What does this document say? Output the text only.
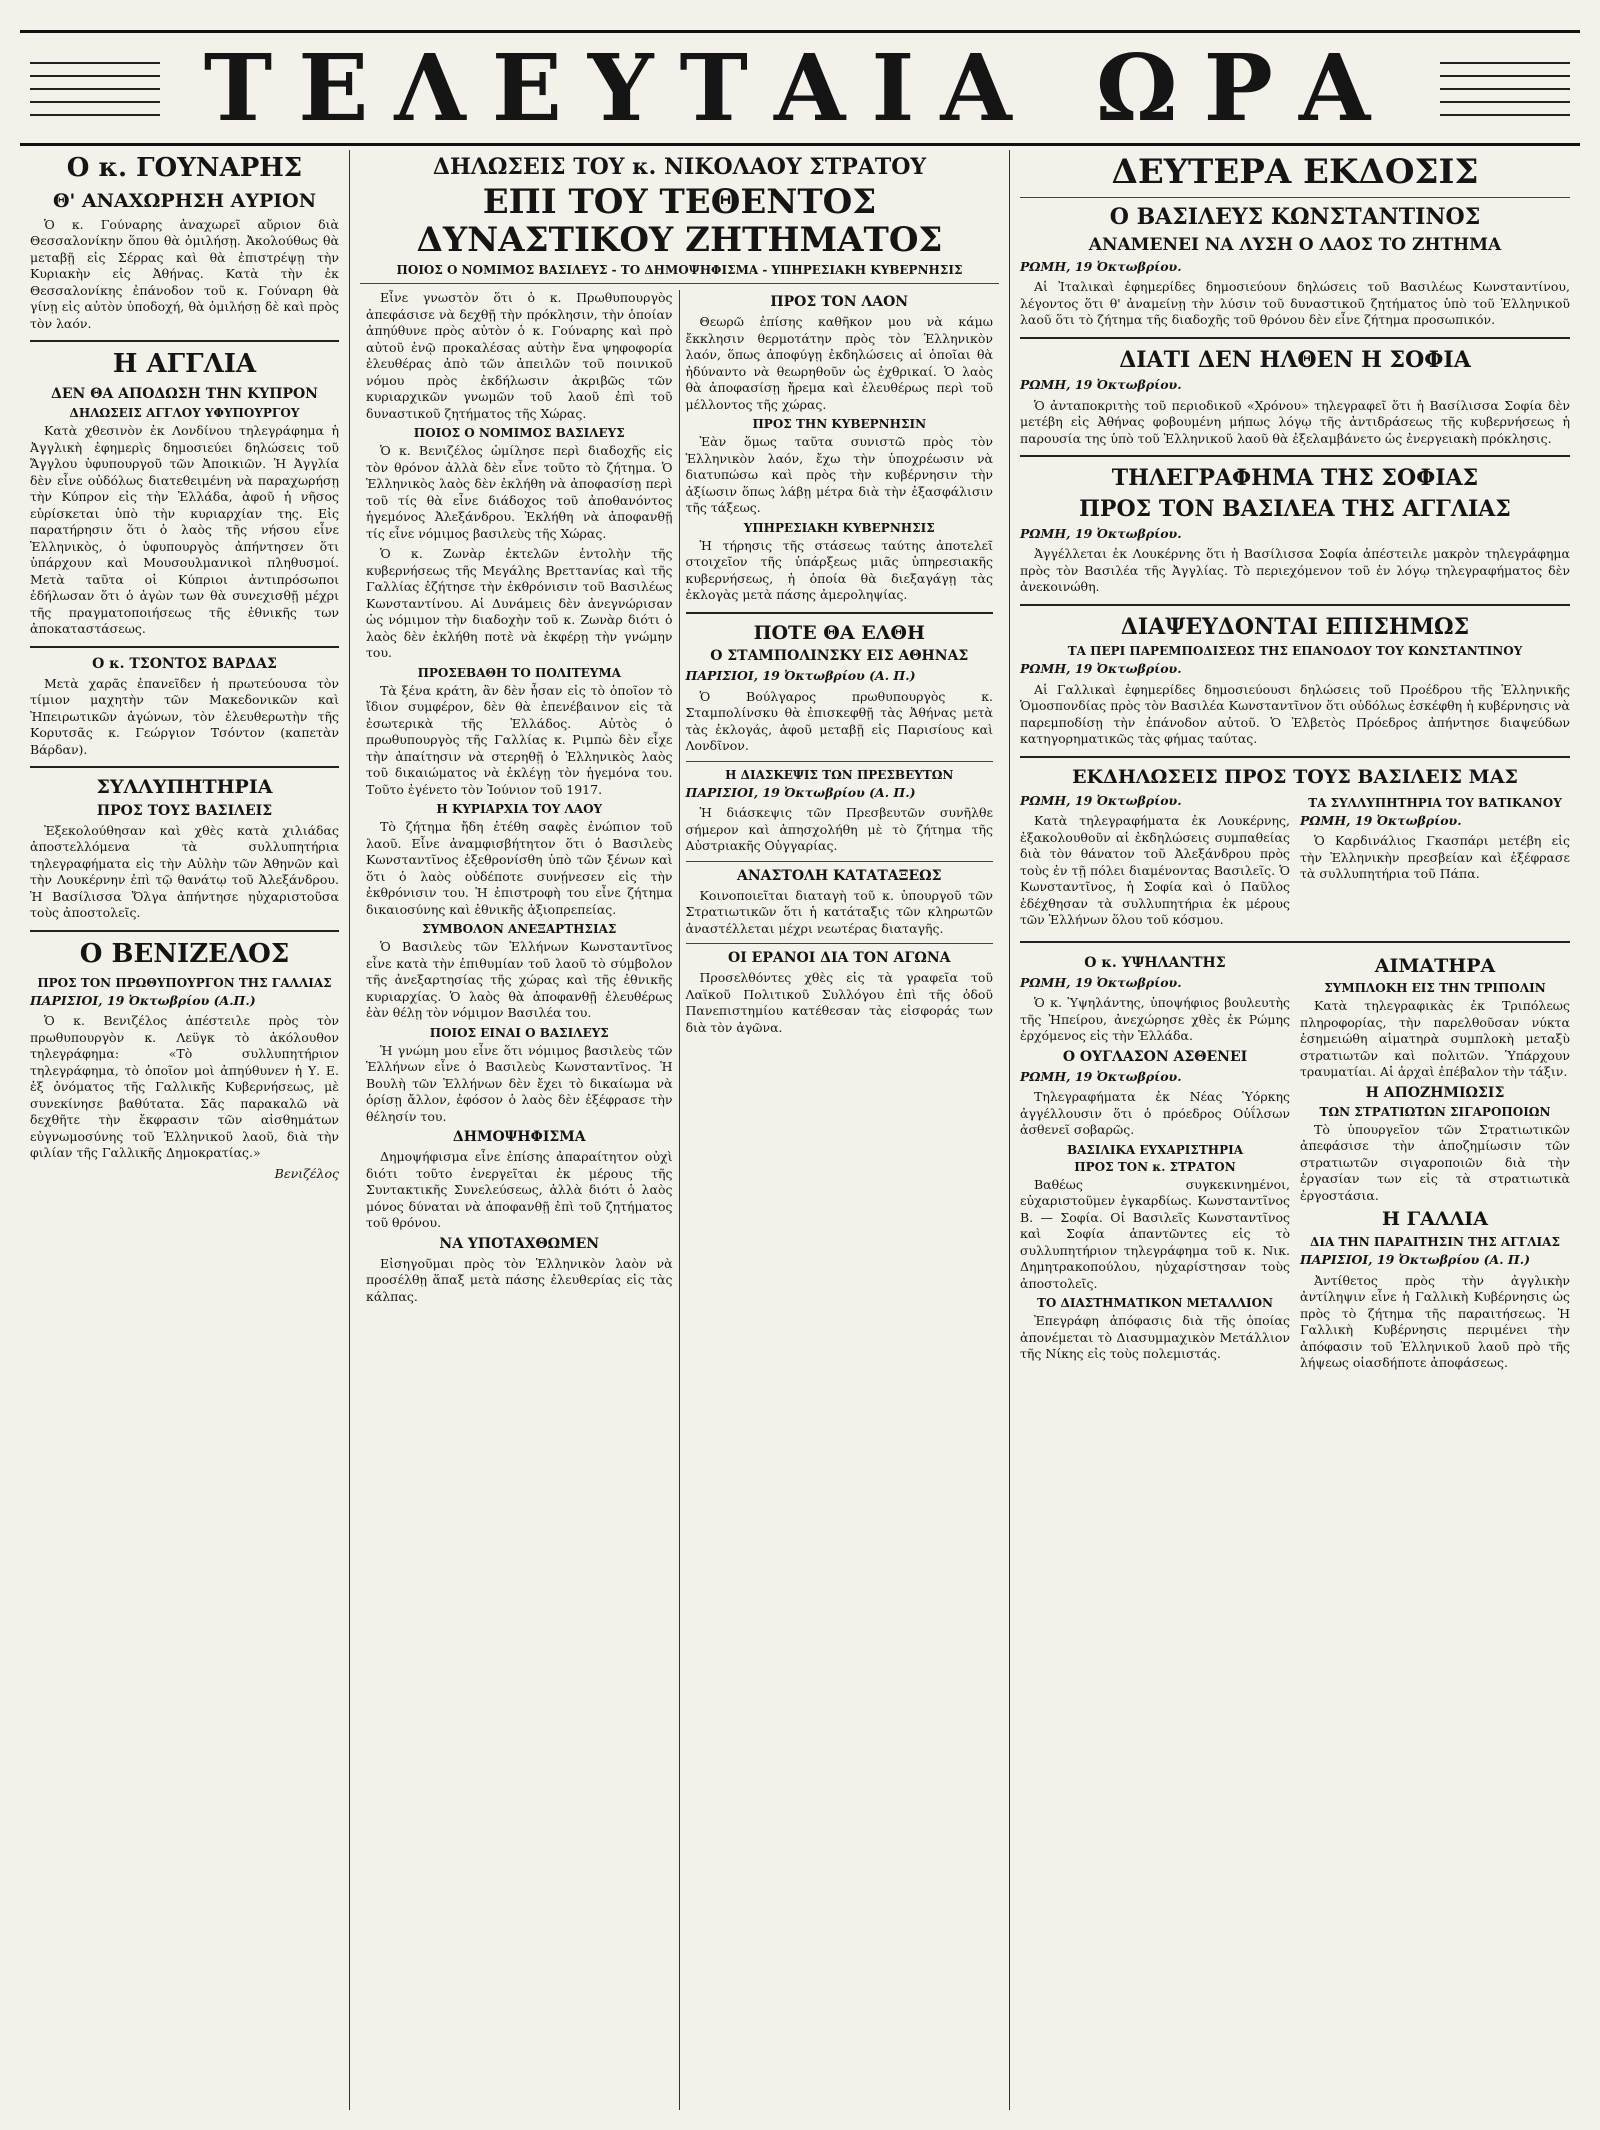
ΤΕΛΕΥΤΑΙΑ ΩΡΑ
Ο κ. ΓΟΥΝΑΡΗΣ
Θ' ΑΝΑΧΩΡΗΣΗ ΑΥΡΙΟΝ

Ὁ κ. Γούναρης ἀναχωρεῖ αὔριον διὰ Θεσσαλονίκην ὅπου θὰ ὁμιλήσῃ. Ἀκολούθως θὰ μεταβῇ εἰς Σέρρας καὶ θὰ ἐπιστρέψῃ τὴν Κυριακὴν εἰς Ἀθήνας. Κατὰ τὴν ἐκ Θεσσαλονίκης ἐπάνοδον τοῦ κ. Γούναρη θὰ γίνῃ εἰς αὐτὸν ὑποδοχή, θὰ ὁμιλήσῃ δὲ καὶ πρὸς τὸν λαόν.

Η ΑΓΓΛΙΑ
ΔΕΝ ΘΑ ΑΠΟΔΩΣΗ ΤΗΝ ΚΥΠΡΟΝ
ΔΗΛΩΣΕΙΣ ΑΓΓΛΟΥ ΥΦΥΠΟΥΡΓΟΥ

Κατὰ χθεσινὸν ἐκ Λονδίνου τηλεγράφημα ἡ Ἀγγλικὴ ἐφημερὶς δημοσιεύει δηλώσεις τοῦ Ἄγγλου ὑφυπουργοῦ τῶν Ἀποικιῶν. Ἡ Ἀγγλία δὲν εἶνε οὐδόλως διατεθειμένη νὰ παραχωρήσῃ τὴν Κύπρον εἰς τὴν Ἑλλάδα, ἀφοῦ ἡ νῆσος εὑρίσκεται ὑπὸ τὴν κυριαρχίαν της. Εἰς παρατήρησιν ὅτι ὁ λαὸς τῆς νήσου εἶνε Ἑλληνικὸς, ὁ ὑφυπουργὸς ἀπήντησεν ὅτι ὑπάρχουν καὶ Μουσουλμανικοὶ πληθυσμοί. Μετὰ ταῦτα οἱ Κύπριοι ἀντιπρόσωποι ἐδήλωσαν ὅτι ὁ ἀγὼν των θὰ συνεχισθῇ μέχρι τῆς πραγματοποιήσεως τῆς ἐθνικῆς των ἀποκαταστάσεως.

Ο κ. ΤΣΟΝΤΟΣ ΒΑΡΔΑΣ

Μετὰ χαρᾶς ἐπανεῖδεν ἡ πρωτεύουσα τὸν τίμιον μαχητὴν τῶν Μακεδονικῶν καὶ Ἠπειρωτικῶν ἀγώνων, τὸν ἐλευθερωτὴν τῆς Κορυτσᾶς κ. Γεώργιον Τσόντον (καπετὰν Βάρδαν).

ΣΥΛΛΥΠΗΤΗΡΙΑ
ΠΡΟΣ ΤΟΥΣ ΒΑΣΙΛΕΙΣ

Ἐξεκολούθησαν καὶ χθὲς κατὰ χιλιάδας ἀποστελλόμενα τὰ συλλυπητήρια τηλεγραφήματα εἰς τὴν Αὐλὴν τῶν Ἀθηνῶν καὶ τὴν Λουκέρνην ἐπὶ τῷ θανάτῳ τοῦ Ἀλεξάνδρου. Ἡ Βασίλισσα Ὄλγα ἀπήντησε ηὐχαριστοῦσα τοὺς ἀποστολεῖς.

Ο ΒΕΝΙΖΕΛΟΣ
ΠΡΟΣ ΤΟΝ ΠΡΩΘΥΠΟΥΡΓΟΝ ΤΗΣ ΓΑΛΛΙΑΣ

ΠΑΡΙΣΙΟΙ, 19 Ὀκτωβρίου (Α.Π.)

Ὁ κ. Βενιζέλος ἀπέστειλε πρὸς τὸν πρωθυπουργὸν κ. Λεϋγκ τὸ ἀκόλουθον τηλεγράφημα: «Τὸ συλλυπητήριον τηλεγράφημα, τὸ ὁποῖον μοὶ ἀπηύθυνεν ἡ Υ. Ε. ἐξ ὀνόματος τῆς Γαλλικῆς Κυβερνήσεως, μὲ συνεκίνησε βαθύτατα. Σᾶς παρακαλῶ νὰ δεχθῆτε τὴν ἔκφρασιν τῶν αἰσθημάτων εὐγνωμοσύνης τοῦ Ἑλληνικοῦ λαοῦ, διὰ τὴν φιλίαν τῆς Γαλλικῆς Δημοκρατίας.»

Βενιζέλος

ΔΗΛΩΣΕΙΣ ΤΟΥ κ. ΝΙΚΟΛΑΟΥ ΣΤΡΑΤΟΥ
ΕΠΙ ΤΟΥ ΤΕΘΕΝΤΟΣ ΔΥΝΑΣΤΙΚΟΥ ΖΗΤΗΜΑΤΟΣ
ΠΟΙΟΣ Ο ΝΟΜΙΜΟΣ ΒΑΣΙΛΕΥΣ - ΤΟ ΔΗΜΟΨΗΦΙΣΜΑ - ΥΠΗΡΕΣΙΑΚΗ ΚΥΒΕΡΝΗΣΙΣ

Εἶνε γνωστὸν ὅτι ὁ κ. Πρωθυπουργὸς ἀπεφάσισε νὰ δεχθῇ τὴν πρόκλησιν, τὴν ὁποίαν ἀπηύθυνε πρὸς αὐτὸν ὁ κ. Γούναρης καὶ πρὸ αὐτοῦ ἐνῷ προκαλέσας αὐτὴν ἔνα ψηφοφορία ἐλευθέρας ἀπὸ τῶν ἀπειλῶν τοῦ ποινικοῦ νόμου πρὸς ἐκδήλωσιν ἀκριβῶς τῶν κυριαρχικῶν γνωμῶν τοῦ λαοῦ ἐπὶ τοῦ δυναστικοῦ ζητήματος τῆς Χώρας.

ΠΟΙΟΣ Ο ΝΟΜΙΜΟΣ ΒΑΣΙΛΕΥΣ

Ὁ κ. Βενιζέλος ὡμίλησε περὶ διαδοχῆς εἰς τὸν θρόνον ἀλλὰ δὲν εἶνε τοῦτο τὸ ζήτημα. Ὁ Ἑλληνικὸς λαὸς δὲν ἐκλήθη νὰ ἀποφασίσῃ περὶ τοῦ τίς θὰ εἶνε διάδοχος τοῦ ἀποθανόντος ἡγεμόνος Ἀλεξάνδρου. Ἐκλήθη νὰ ἀποφανθῇ τίς εἶνε νόμιμος βασιλεὺς τῆς Χώρας.

Ὁ κ. Ζωνὰρ ἐκτελῶν ἐντολὴν τῆς κυβερνήσεως τῆς Μεγάλης Βρεττανίας καὶ τῆς Γαλλίας ἐζήτησε τὴν ἐκθρόνισιν τοῦ Βασιλέως Κωνσταντίνου. Αἱ Δυνάμεις δὲν ἀνεγνώρισαν ὡς νόμιμον τὴν διαδοχὴν τοῦ κ. Ζωνὰρ διότι ὁ λαὸς δὲν ἐκλήθη ποτὲ νὰ ἐκφέρῃ τὴν γνώμην του.

ΠΡΟΣΕΒΑΘΗ ΤΟ ΠΟΛΙΤΕΥΜΑ

Τὰ ξένα κράτη, ἂν δὲν ἦσαν εἰς τὸ ὁποῖον τὸ ἴδιον συμφέρον, δὲν θὰ ἐπενέβαινον εἰς τὰ ἐσωτερικὰ τῆς Ἑλλάδος. Αὐτὸς ὁ πρωθυπουργὸς τῆς Γαλλίας κ. Ριμπὼ δὲν εἶχε τὴν ἀπαίτησιν νὰ στερηθῇ ὁ Ἑλληνικὸς λαὸς τοῦ δικαιώματος νὰ ἐκλέγῃ τὸν ἡγεμόνα του. Τοῦτο ἐγένετο τὸν Ἰούνιον τοῦ 1917.

Η ΚΥΡΙΑΡΧΙΑ ΤΟΥ ΛΑΟΥ

Τὸ ζήτημα ἤδη ἐτέθη σαφὲς ἐνώπιον τοῦ λαοῦ. Εἶνε ἀναμφισβήτητον ὅτι ὁ Βασιλεὺς Κωνσταντῖνος ἐξεθρονίσθη ὑπὸ τῶν ξένων καὶ ὅτι ὁ λαὸς οὐδέποτε συνῄνεσεν εἰς τὴν ἐκθρόνισιν του. Ἡ ἐπιστροφὴ του εἶνε ζήτημα δικαιοσύνης καὶ ἐθνικῆς ἀξιοπρεπείας.

ΣΥΜΒΟΛΟΝ ΑΝΕΞΑΡΤΗΣΙΑΣ

Ὁ Βασιλεὺς τῶν Ἑλλήνων Κωνσταντῖνος εἶνε κατὰ τὴν ἐπιθυμίαν τοῦ λαοῦ τὸ σύμβολον τῆς ἀνεξαρτησίας τῆς χώρας καὶ τῆς ἐθνικῆς κυριαρχίας. Ὁ λαὸς θὰ ἀποφανθῇ ἐλευθέρως ἐὰν θέλῃ τὸν νόμιμον Βασιλέα του.

ΠΟΙΟΣ ΕΙΝΑΙ Ο ΒΑΣΙΛΕΥΣ

Ἡ γνώμη μου εἶνε ὅτι νόμιμος βασιλεὺς τῶν Ἑλλήνων εἶνε ὁ Βασιλεὺς Κωνσταντῖνος. Ἡ Βουλὴ τῶν Ἑλλήνων δὲν ἔχει τὸ δικαίωμα νὰ ὁρίσῃ ἄλλον, ἐφόσον ὁ λαὸς δὲν ἐξέφρασε τὴν θέλησίν του.

ΔΗΜΟΨΗΦΙΣΜΑ

Δημοψήφισμα εἶνε ἐπίσης ἀπαραίτητον οὐχὶ διότι τοῦτο ἐνεργεῖται ἐκ μέρους τῆς Συντακτικῆς Συνελεύσεως, ἀλλὰ διότι ὁ λαὸς μόνος δύναται νὰ ἀποφανθῇ ἐπὶ τοῦ ζητήματος τοῦ θρόνου.

ΝΑ ΥΠΟΤΑΧΘΩΜΕΝ

Εἰσηγοῦμαι πρὸς τὸν Ἑλληνικὸν λαὸν νὰ προσέλθῃ ἅπαξ μετὰ πάσης ἐλευθερίας εἰς τὰς κάλπας.

ΠΡΟΣ ΤΟΝ ΛΑΟΝ

Θεωρῶ ἐπίσης καθῆκον μου νὰ κάμω ἔκκλησιν θερμοτάτην πρὸς τὸν Ἑλληνικὸν λαόν, ὅπως ἀποφύγῃ ἐκδηλώσεις αἱ ὁποῖαι θὰ ἠδύναντο νὰ θεωρηθοῦν ὡς ἐχθρικαί. Ὁ λαὸς θὰ ἀποφασίσῃ ἤρεμα καὶ ἐλευθέρως περὶ τοῦ μέλλοντος τῆς χώρας.

ΠΡΟΣ ΤΗΝ ΚΥΒΕΡΝΗΣΙΝ

Ἐὰν ὅμως ταῦτα συνιστῶ πρὸς τὸν Ἑλληνικὸν λαόν, ἔχω τὴν ὑποχρέωσιν νὰ διατυπώσω καὶ πρὸς τὴν κυβέρνησιν τὴν ἀξίωσιν ὅπως λάβῃ μέτρα διὰ τὴν ἐξασφάλισιν τῆς τάξεως.

ΥΠΗΡΕΣΙΑΚΗ ΚΥΒΕΡΝΗΣΙΣ

Ἡ τήρησις τῆς στάσεως ταύτης ἀποτελεῖ στοιχεῖον τῆς ὑπάρξεως μιᾶς ὑπηρεσιακῆς κυβερνήσεως, ἡ ὁποία θὰ διεξαγάγῃ τὰς ἐκλογὰς μετὰ πάσης ἀμεροληψίας.

ΠΟΤΕ ΘΑ ΕΛΘΗ
Ο ΣΤΑΜΠΟΛΙΝΣΚΥ ΕΙΣ ΑΘΗΝΑΣ

ΠΑΡΙΣΙΟΙ, 19 Ὀκτωβρίου (Α. Π.)

Ὁ Βούλγαρος πρωθυπουργὸς κ. Σταμπολίνσκυ θὰ ἐπισκεφθῇ τὰς Ἀθήνας μετὰ τὰς ἐκλογάς, ἀφοῦ μεταβῇ εἰς Παρισίους καὶ Λονδῖνον.

Η ΔΙΑΣΚΕΨΙΣ ΤΩΝ ΠΡΕΣΒΕΥΤΩΝ

ΠΑΡΙΣΙΟΙ, 19 Ὀκτωβρίου (Α. Π.)

Ἡ διάσκεψις τῶν Πρεσβευτῶν συνῆλθε σήμερον καὶ ἀπησχολήθη μὲ τὸ ζήτημα τῆς Αὐστριακῆς Οὑγγαρίας.

ΑΝΑΣΤΟΛΗ ΚΑΤΑΤΑΞΕΩΣ

Κοινοποιεῖται διαταγὴ τοῦ κ. ὑπουργοῦ τῶν Στρατιωτικῶν ὅτι ἡ κατάταξις τῶν κληρωτῶν ἀναστέλλεται μέχρι νεωτέρας διαταγῆς.

ΟΙ ΕΡΑΝΟΙ ΔΙΑ ΤΟΝ ΑΓΩΝΑ

Προσελθόντες χθὲς εἰς τὰ γραφεῖα τοῦ Λαϊκοῦ Πολιτικοῦ Συλλόγου ἐπὶ τῆς ὁδοῦ Πανεπιστημίου κατέθεσαν τὰς εἰσφοράς των διὰ τὸν ἀγῶνα.

ΔΕΥΤΕΡΑ ΕΚΔΟΣΙΣ
Ο ΒΑΣΙΛΕΥΣ ΚΩΝΣΤΑΝΤΙΝΟΣ
ΑΝΑΜΕΝΕΙ ΝΑ ΛΥΣΗ Ο ΛΑΟΣ ΤΟ ΖΗΤΗΜΑ

ΡΩΜΗ, 19 Ὀκτωβρίου.

Αἱ Ἰταλικαὶ ἐφημερίδες δημοσιεύουν δηλώσεις τοῦ Βασιλέως Κωνσταντίνου, λέγοντος ὅτι θ' ἀναμείνῃ τὴν λύσιν τοῦ δυναστικοῦ ζητήματος ὑπὸ τοῦ Ἑλληνικοῦ λαοῦ ὅτι τὸ ζήτημα τῆς διαδοχῆς τοῦ θρόνου δὲν εἶνε ζήτημα προσωπικόν.

ΔΙΑΤΙ ΔΕΝ ΗΛΘΕΝ Η ΣΟΦΙΑ

ΡΩΜΗ, 19 Ὀκτωβρίου.

Ὁ ἀνταποκριτὴς τοῦ περιοδικοῦ «Χρόνου» τηλεγραφεῖ ὅτι ἡ Βασίλισσα Σοφία δὲν μετέβη εἰς Ἀθήνας φοβουμένη μήπως λόγῳ τῆς ἀντιδράσεως τῆς κυβερνήσεως ἡ παρουσία της ὑπὸ τοῦ Ἑλληνικοῦ λαοῦ θὰ ἐξελαμβάνετο ὡς ἐνεργειακὴ πρόκλησις.

ΤΗΛΕΓΡΑΦΗΜΑ ΤΗΣ ΣΟΦΙΑΣ
ΠΡΟΣ ΤΟΝ ΒΑΣΙΛΕΑ ΤΗΣ ΑΓΓΛΙΑΣ

ΡΩΜΗ, 19 Ὀκτωβρίου.

Ἀγγέλλεται ἐκ Λουκέρνης ὅτι ἡ Βασίλισσα Σοφία ἀπέστειλε μακρὸν τηλεγράφημα πρὸς τὸν Βασιλέα τῆς Ἀγγλίας. Τὸ περιεχόμενον τοῦ ἐν λόγῳ τηλεγραφήματος δὲν ἀνεκοινώθη.

ΔΙΑΨΕΥΔΟΝΤΑΙ ΕΠΙΣΗΜΩΣ
ΤΑ ΠΕΡΙ ΠΑΡΕΜΠΟΔΙΣΕΩΣ ΤΗΣ ΕΠΑΝΟΔΟΥ ΤΟΥ ΚΩΝΣΤΑΝΤΙΝΟΥ

ΡΩΜΗ, 19 Ὀκτωβρίου.

Αἱ Γαλλικαὶ ἐφημερίδες δημοσιεύουσι δηλώσεις τοῦ Προέδρου τῆς Ἑλληνικῆς Ὁμοσπονδίας πρὸς τὸν Βασιλέα Κωνσταντῖνον ὅτι οὐδόλως ἐσκέφθη ἡ κυβέρνησις νὰ παρεμποδίσῃ τὴν ἐπάνοδον αὐτοῦ. Ὁ Ἐλβετὸς Πρόεδρος ἀπήντησε διαψεύδων κατηγορηματικῶς τὰς φήμας ταύτας.

ΕΚΔΗΛΩΣΕΙΣ ΠΡΟΣ ΤΟΥΣ ΒΑΣΙΛΕΙΣ ΜΑΣ

ΡΩΜΗ, 19 Ὀκτωβρίου.

Κατὰ τηλεγραφήματα ἐκ Λουκέρνης, ἐξακολουθοῦν αἱ ἐκδηλώσεις συμπαθείας διὰ τὸν θάνατον τοῦ Ἀλεξάνδρου πρὸς τοὺς ἐν τῇ πόλει διαμένοντας Βασιλεῖς. Ὁ Κωνσταντῖνος, ἡ Σοφία καὶ ὁ Παῦλος ἐδέχθησαν τὰ συλλυπητήρια ἐκ μέρους τῶν Ἑλλήνων ὅλου τοῦ κόσμου.

ΤΑ ΣΥΛΛΥΠΗΤΗΡΙΑ ΤΟΥ ΒΑΤΙΚΑΝΟΥ

ΡΩΜΗ, 19 Ὀκτωβρίου.

Ὁ Καρδινάλιος Γκασπάρι μετέβη εἰς τὴν Ἑλληνικὴν πρεσβείαν καὶ ἐξέφρασε τὰ συλλυπητήρια τοῦ Πάπα.

Ο κ. ΥΨΗΛΑΝΤΗΣ

ΡΩΜΗ, 19 Ὀκτωβρίου.

Ὁ κ. Ὑψηλάντης, ὑποψήφιος βουλευτὴς τῆς Ἠπείρου, ἀνεχώρησε χθὲς ἐκ Ρώμης ἐρχόμενος εἰς τὴν Ἑλλάδα.

Ο ΟΥΓΛΑΣΟΝ ΑΣΘΕΝΕΙ

ΡΩΜΗ, 19 Ὀκτωβρίου.

Τηλεγραφήματα ἐκ Νέας Ὑόρκης ἀγγέλλουσιν ὅτι ὁ πρόεδρος Οὐΐλσων ἀσθενεῖ σοβαρῶς.

ΒΑΣΙΛΙΚΑ ΕΥΧΑΡΙΣΤΗΡΙΑ
ΠΡΟΣ ΤΟΝ κ. ΣΤΡΑΤΟΝ

Βαθέως συγκεκινημένοι, εὐχαριστοῦμεν ἐγκαρδίως. Κωνσταντῖνος Β. — Σοφία. Οἱ Βασιλεῖς Κωνσταντῖνος καὶ Σοφία ἀπαντῶντες εἰς τὸ συλλυπητήριον τηλεγράφημα τοῦ κ. Νικ. Δημητρακοπούλου, ηὐχαρίστησαν τοὺς ἀποστολεῖς.

ΤΟ ΔΙΑΣΤΗΜΑΤΙΚΟΝ ΜΕΤΑΛΛΙΟΝ

Ἐπεγράφη ἀπόφασις διὰ τῆς ὁποίας ἀπονέμεται τὸ Διασυμμαχικὸν Μετάλλιον τῆς Νίκης εἰς τοὺς πολεμιστάς.

ΑΙΜΑΤΗΡΑ
ΣΥΜΠΛΟΚΗ ΕΙΣ ΤΗΝ ΤΡΙΠΟΛΙΝ

Κατὰ τηλεγραφικὰς ἐκ Τριπόλεως πληροφορίας, τὴν παρελθοῦσαν νύκτα ἐσημειώθη αἱματηρὰ συμπλοκὴ μεταξὺ στρατιωτῶν καὶ πολιτῶν. Ὑπάρχουν τραυματίαι. Αἱ ἀρχαὶ ἐπέβαλον τὴν τάξιν.

Η ΑΠΟΖΗΜΙΩΣΙΣ
ΤΩΝ ΣΤΡΑΤΙΩΤΩΝ ΣΙΓΑΡΟΠΟΙΩΝ

Τὸ ὑπουργεῖον τῶν Στρατιωτικῶν ἀπεφάσισε τὴν ἀποζημίωσιν τῶν στρατιωτῶν σιγαροποιῶν διὰ τὴν ἐργασίαν των εἰς τὰ στρατιωτικὰ ἐργοστάσια.

Η ΓΑΛΛΙΑ
ΔΙΑ ΤΗΝ ΠΑΡΑΙΤΗΣΙΝ ΤΗΣ ΑΓΓΛΙΑΣ

ΠΑΡΙΣΙΟΙ, 19 Ὀκτωβρίου (Α. Π.)

Ἀντίθετος πρὸς τὴν ἀγγλικὴν ἀντίληψιν εἶνε ἡ Γαλλικὴ Κυβέρνησις ὡς πρὸς τὸ ζήτημα τῆς παραιτήσεως. Ἡ Γαλλικὴ Κυβέρνησις περιμένει τὴν ἀπόφασιν τοῦ Ἑλληνικοῦ λαοῦ πρὸ τῆς λήψεως οἱασδήποτε ἀποφάσεως.
